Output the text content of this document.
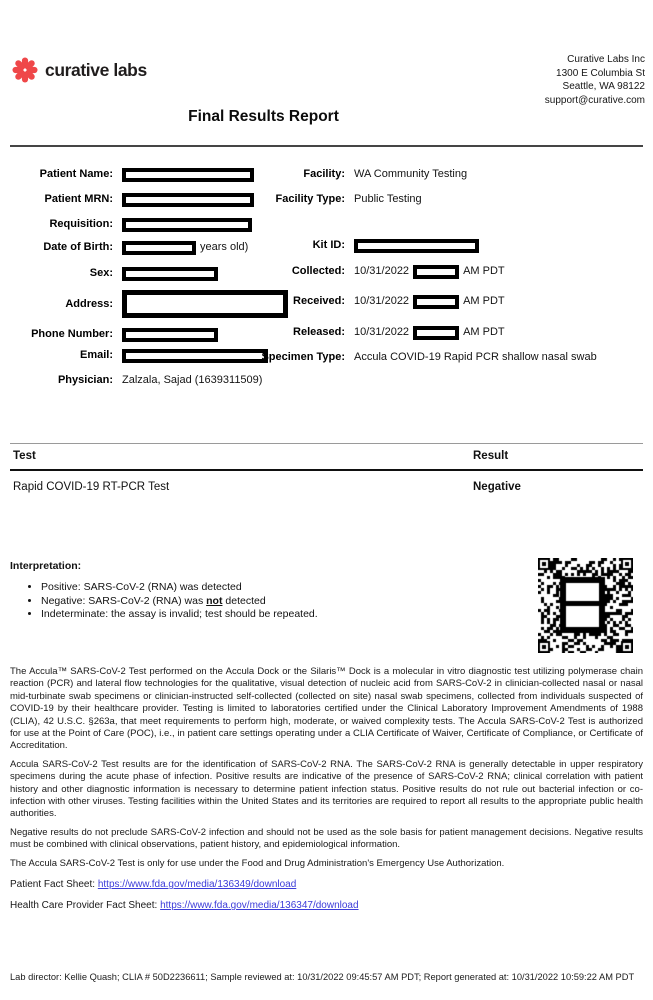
curative labs	Curative Labs Inc
1300 E Columbia St
Seattle, WA 98122
support@curative.com
Final Results Report
Patient Name:
Patient MRN:
Requisition:
Date of Birth:	years old)
Sex:
Address:
Phone Number:
Email:
Physician: Zalzala, Sajad (1639311509)
Facility: WA Community Testing
Facility Type: Public Testing
Kit ID:
Collected: 10/31/2022	AM PDT
Received: 10/31/2022	AM PDT
Released: 10/31/2022	AM PDT
Specimen Type: Accula COVID-19 Rapid PCR shallow nasal swab
Test	Result
Rapid COVID-19 RT-PCR Test	Negative
Interpretation:
• Positive: SARS-CoV-2 (RNA) was detected
• Negative: SARS-CoV-2 (RNA) was not detected
• Indeterminate: the assay is invalid; test should be repeated.

The Accula™ SARS-CoV-2 Test performed on the Accula Dock or the Silaris™ Dock is a molecular in vitro diagnostic test utilizing polymerase chain reaction (PCR) and lateral flow technologies for the qualitative, visual detection of nucleic acid from SARS-CoV-2 in clinician-collected nasal or nasal mid-turbinate swab specimens or clinician-instructed self-collected (collected on site) nasal swab specimens, collected from individuals suspected of COVID-19 by their healthcare provider. Testing is limited to laboratories certified under the Clinical Laboratory Improvement Amendments of 1988 (CLIA), 42 U.S.C. §263a, that meet requirements to perform high, moderate, or waived complexity tests. The Accula SARS-CoV-2 Test is authorized for use at the Point of Care (POC), i.e., in patient care settings operating under a CLIA Certificate of Waiver, Certificate of Compliance, or Certificate of Accreditation.

Accula SARS-CoV-2 Test results are for the identification of SARS-CoV-2 RNA. The SARS-CoV-2 RNA is generally detectable in upper respiratory specimens during the acute phase of infection. Positive results are indicative of the presence of SARS-CoV-2 RNA; clinical correlation with patient history and other diagnostic information is necessary to determine patient infection status. Positive results do not rule out bacterial infection or co-infection with other viruses. Testing facilities within the United States and its territories are required to report all results to the appropriate public health authorities.

Negative results do not preclude SARS-CoV-2 infection and should not be used as the sole basis for patient management decisions. Negative results must be combined with clinical observations, patient history, and epidemiological information.

The Accula SARS-CoV-2 Test is only for use under the Food and Drug Administration's Emergency Use Authorization.

Patient Fact Sheet: https://www.fda.gov/media/136349/download
Health Care Provider Fact Sheet: https://www.fda.gov/media/136347/download
Lab director: Kellie Quash; CLIA # 50D2236611; Sample reviewed at: 10/31/2022 09:45:57 AM PDT; Report generated at: 10/31/2022 10:59:22 AM PDT
